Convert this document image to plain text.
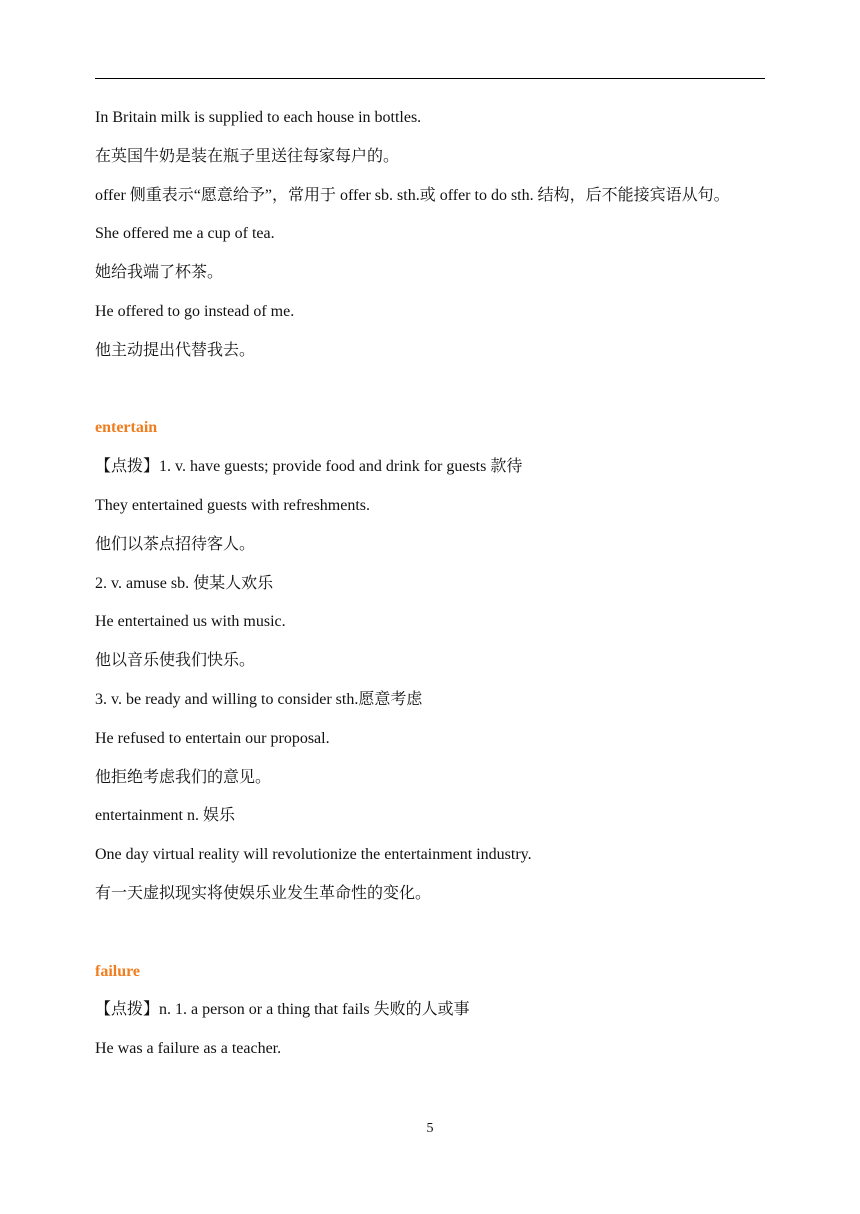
In Britain milk is supplied to each house in bottles.
在英国牛奶是装在瓶子里送往每家每户的。
offer 侧重表示“愿意给予”，常用于 offer sb. sth.或 offer to do sth. 结构，后不能接宾语从句。
She offered me a cup of tea.
她给我端了杯茶。
He offered to go instead of me.
他主动提出代替我去。
entertain
【点拨】1. v. have guests; provide food and drink for guests 款待
They entertained guests with refreshments.
他们以茶点招待客人。
2. v. amuse sb. 使某人欢乐
He entertained us with music.
他以音乐使我们快乐。
3. v. be ready and willing to consider sth.愿意考虑
He refused to entertain our proposal.
他拒绝考虑我们的意见。
entertainment n. 娱乐
One day virtual reality will revolutionize the entertainment industry.
有一天虚拟现实将使娱乐业发生革命性的变化。
failure
【点拨】n. 1. a person or a thing that fails 失败的人或事
He was a failure as a teacher.
5
